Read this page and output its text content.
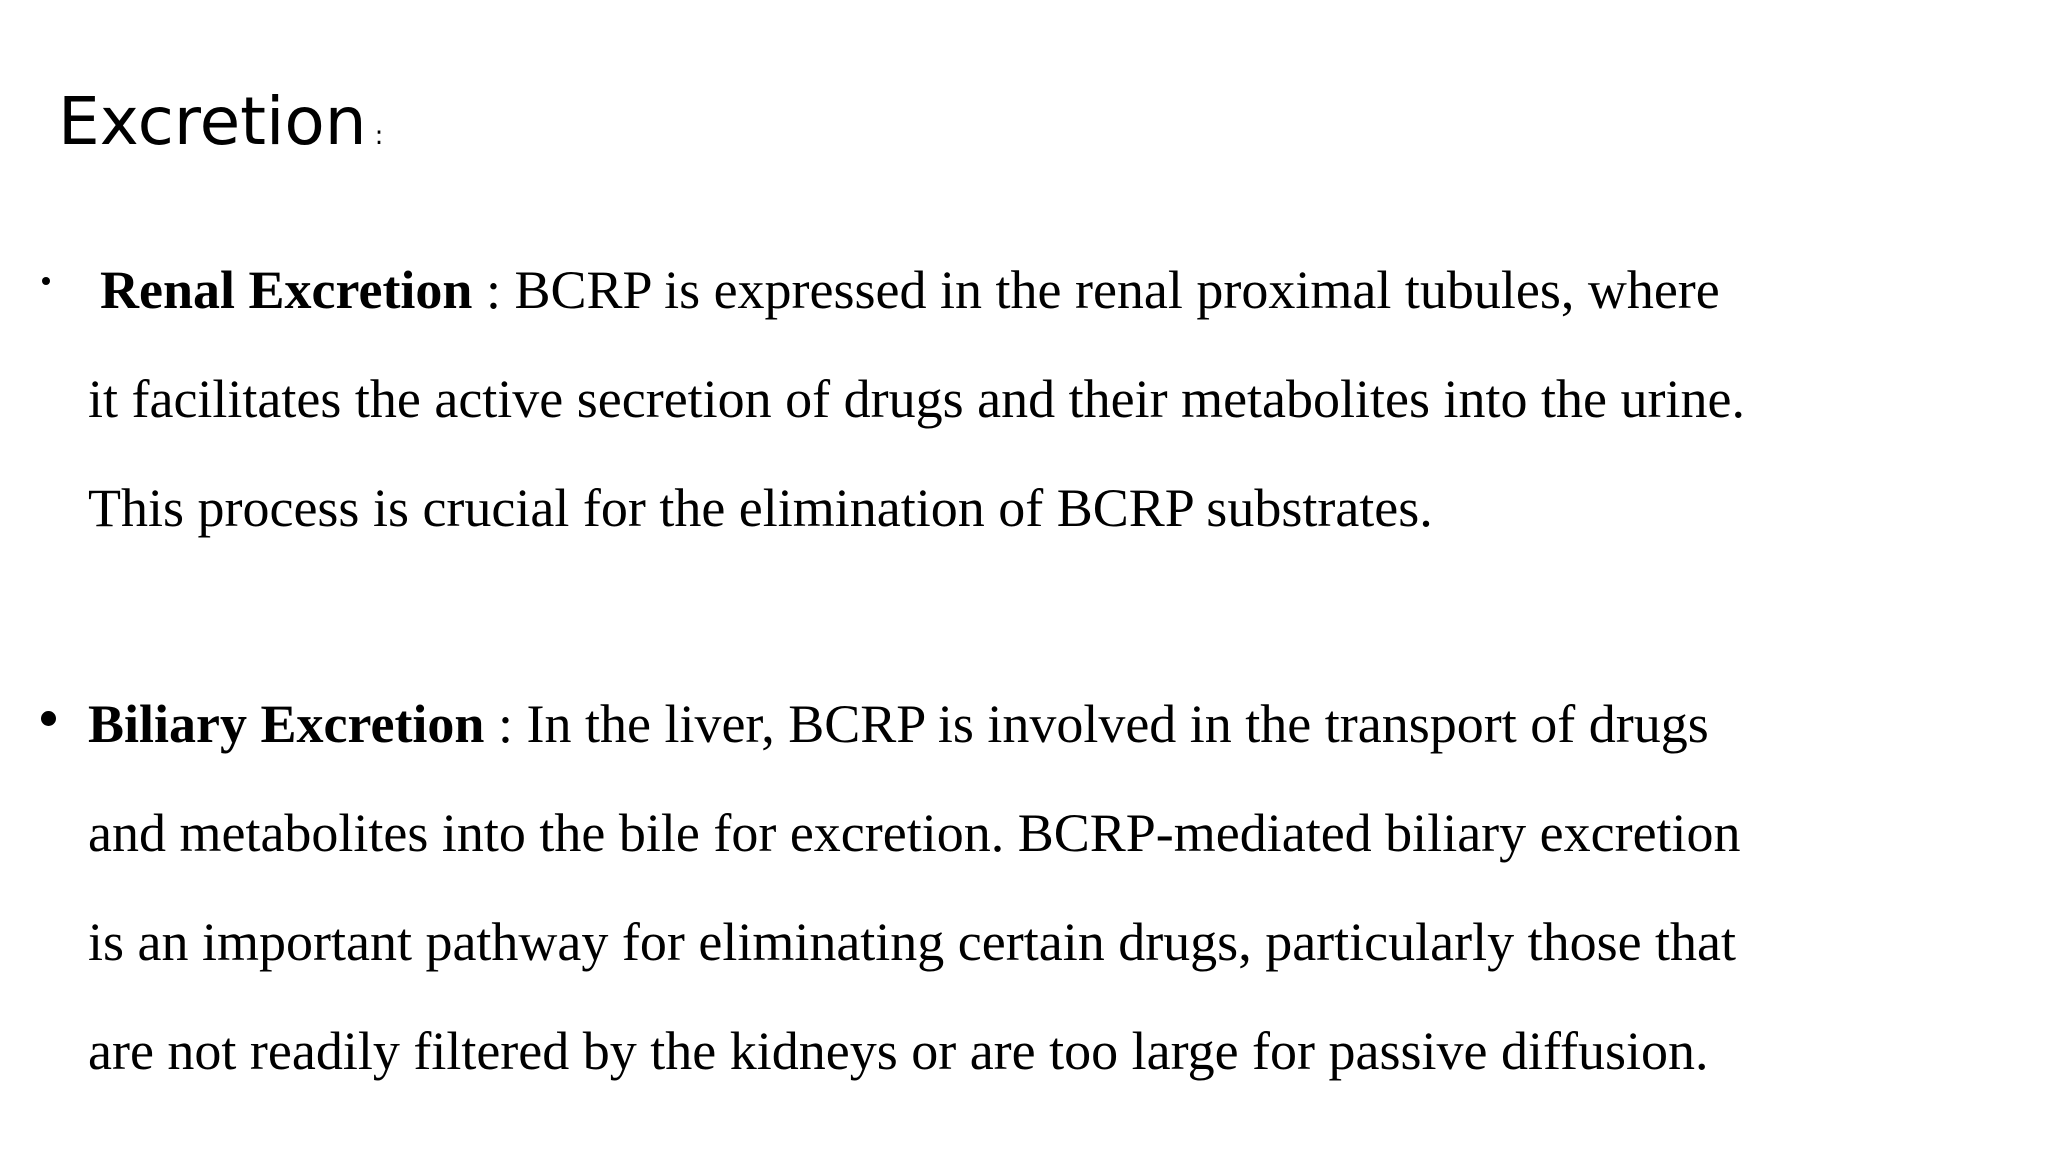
Excretion :

Renal Excretion : BCRP is expressed in the renal proximal tubules, where

it facilitates the active secretion of drugs and their metabolites into the urine.

This process is crucial for the elimination of BCRP substrates.

Biliary Excretion : In the liver, BCRP is involved in the transport of drugs

and metabolites into the bile for excretion. BCRP-mediated biliary excretion

is an important pathway for eliminating certain drugs, particularly those that

are not readily filtered by the kidneys or are too large for passive diffusion.
